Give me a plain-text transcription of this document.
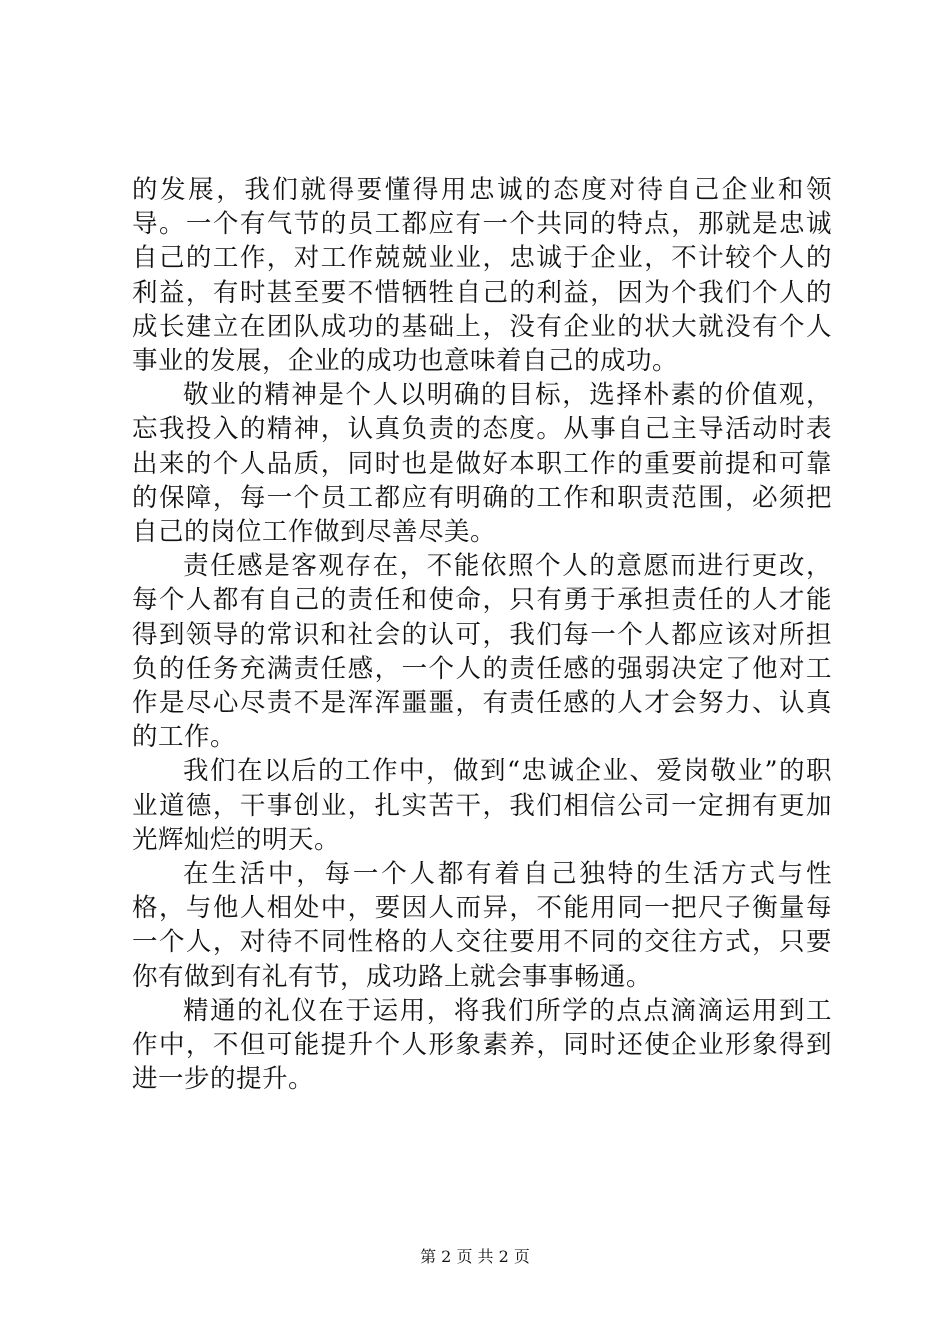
的发展，我们就得要懂得用忠诚的态度对待自己企业和领导。一个有气节的员工都应有一个共同的特点，那就是忠诚自己的工作，对工作兢兢业业，忠诚于企业，不计较个人的利益，有时甚至要不惜牺牲自己的利益，因为个我们个人的成长建立在团队成功的基础上，没有企业的状大就没有个人事业的发展，企业的成功也意味着自己的成功。

敬业的精神是个人以明确的目标，选择朴素的价值观，忘我投入的精神，认真负责的态度。从事自己主导活动时表出来的个人品质，同时也是做好本职工作的重要前提和可靠的保障，每一个员工都应有明确的工作和职责范围，必须把自己的岗位工作做到尽善尽美。

责任感是客观存在，不能依照个人的意愿而进行更改，每个人都有自己的责任和使命，只有勇于承担责任的人才能得到领导的常识和社会的认可，我们每一个人都应该对所担负的任务充满责任感，一个人的责任感的强弱决定了他对工作是尽心尽责不是浑浑噩噩，有责任感的人才会努力、认真的工作。

我们在以后的工作中，做到“忠诚企业、爱岗敬业”的职业道德，干事创业，扎实苦干，我们相信公司一定拥有更加光辉灿烂的明天。

在生活中，每一个人都有着自己独特的生活方式与性格，与他人相处中，要因人而异，不能用同一把尺子衡量每一个人，对待不同性格的人交往要用不同的交往方式，只要你有做到有礼有节，成功路上就会事事畅通。

精通的礼仪在于运用，将我们所学的点点滴滴运用到工作中，不但可能提升个人形象素养，同时还使企业形象得到进一步的提升。

第 2 页 共 2 页
